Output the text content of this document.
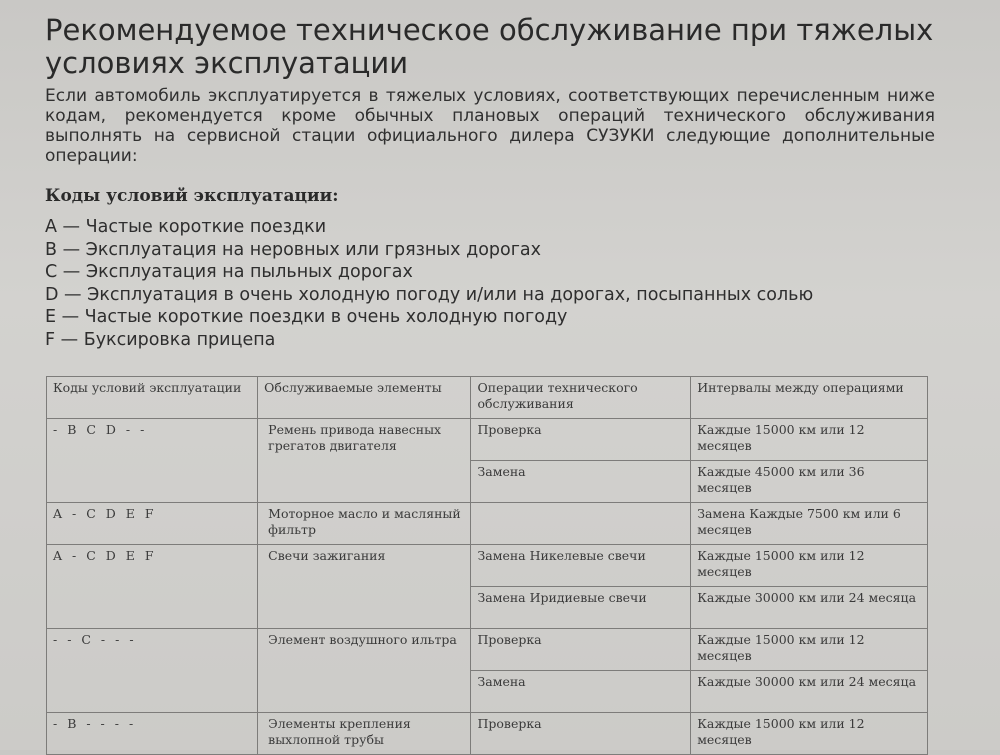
Рекомендуемое техническое обслуживание при тяжелых условиях эксплуатации

Если автомобиль эксплуатируется в тяжелых условиях, соответствующих перечисленным ниже кодам, рекомендуется кроме обычных плановых операций технического обслуживания выполнять на сервисной стации официального дилера СУЗУКИ следующие дополнительные операции:

Коды условий эксплуатации:

A — Частые короткие поездки
B — Эксплуатация на неровных или грязных дорогах
C — Эксплуатация на пыльных дорогах
D — Эксплуатация в очень холодную погоду и/или на дорогах, посыпанных солью
E — Частые короткие поездки в очень холодную погоду
F — Буксировка прицепа
Коды условий эксплуатации	Обслуживаемые элементы	Операции технического обслуживания	Интервалы между операциями
- B C D - -	Ремень привода навесных грегатов двигателя	Проверка	Каждые 15000 км или 12 месяцев
		Замена	Каждые 45000 км или 36 месяцев
A - C D E F	Моторное масло и масляный фильтр		Замена Каждые 7500 км или 6 месяцев
A - C D E F	Свечи зажигания	Замена Никелевые свечи	Каждые 15000 км или 12 месяцев
		Замена Иридиевые свечи	Каждые 30000 км или 24 месяца
- - C - - -	Элемент воздушного ильтра	Проверка	Каждые 15000 км или 12 месяцев
		Замена	Каждые 30000 км или 24 месяца
- B - - - -	Элементы крепления выхлопной трубы	Проверка	Каждые 15000 км или 12 месяцев
